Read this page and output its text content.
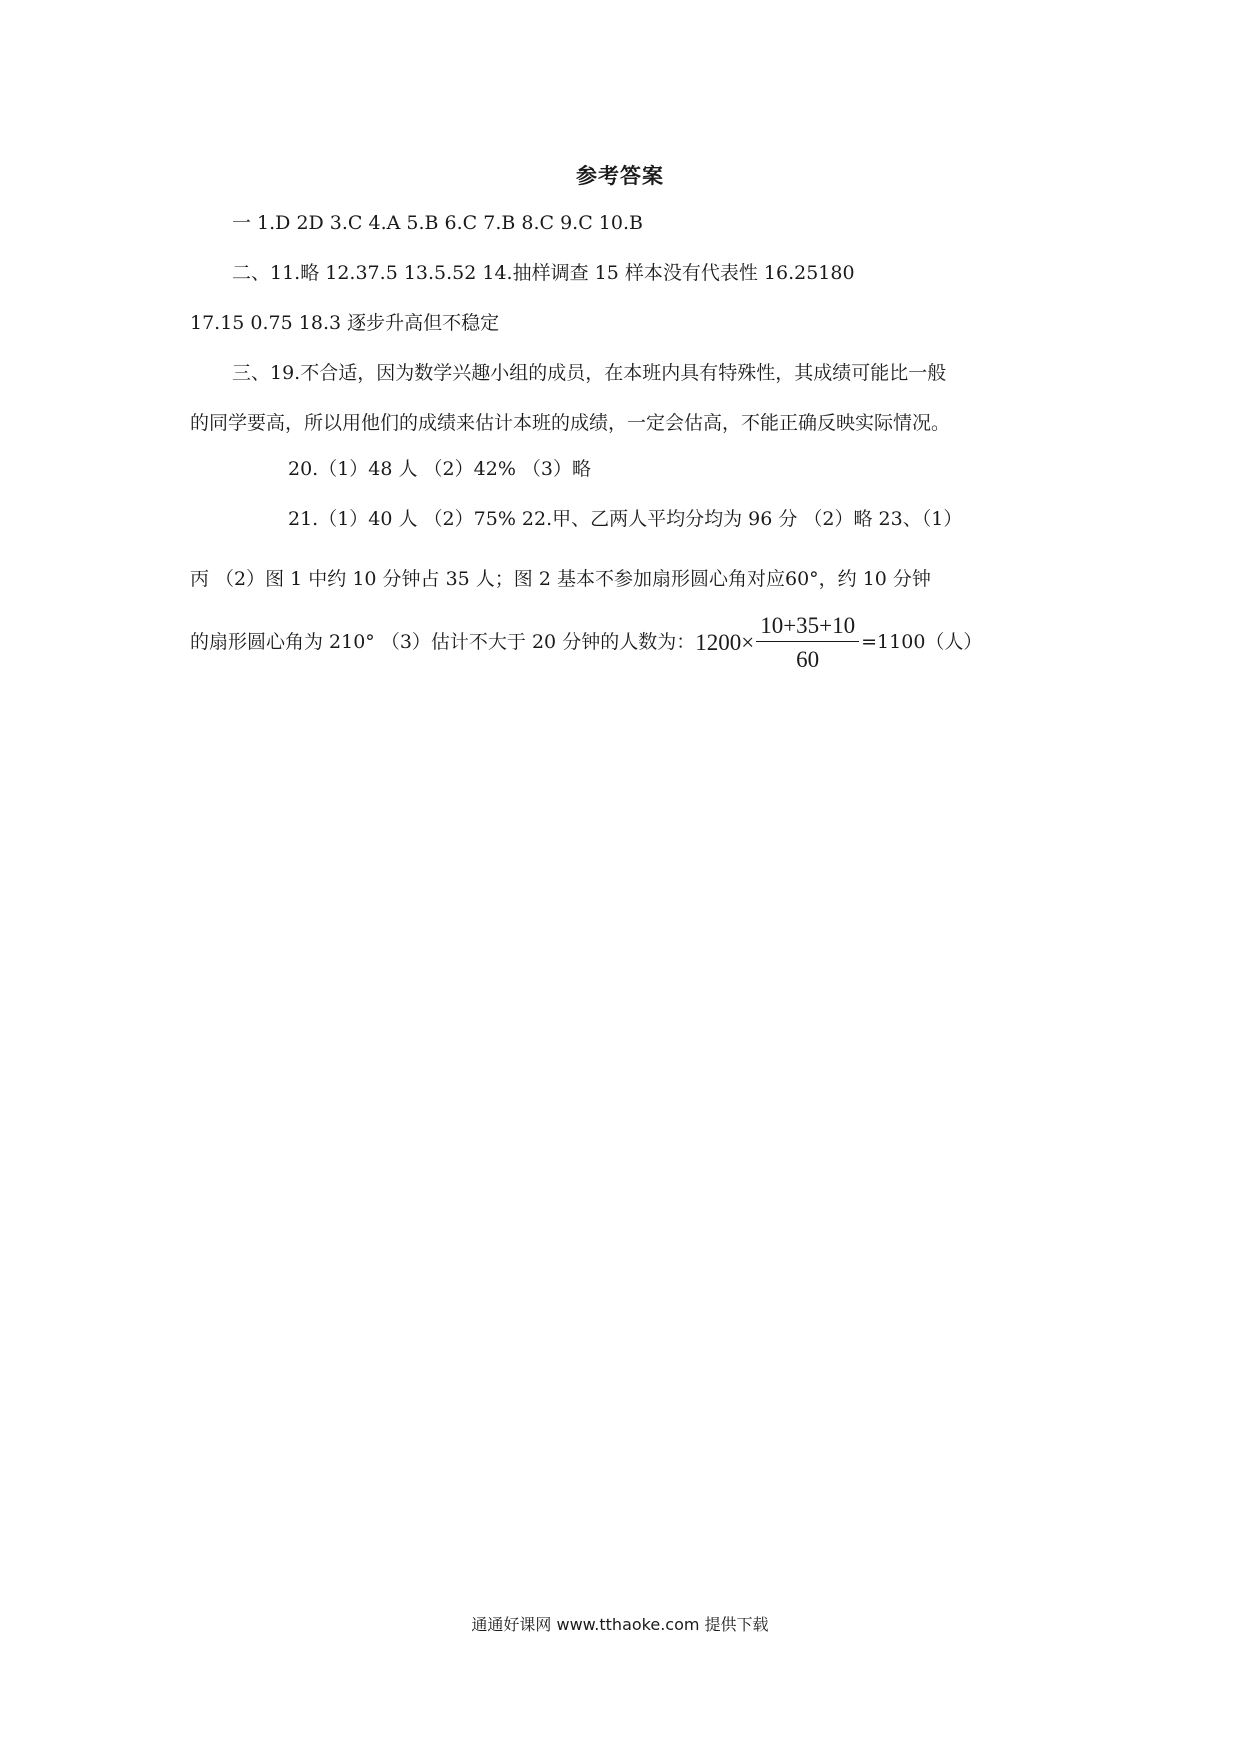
参考答案
一 1.D 2D 3.C 4.A 5.B 6.C 7.B 8.C 9.C 10.B
二、11.略 12.37.5 13.5.52 14.抽样调查 15 样本没有代表性 16.25180
17.15 0.75 18.3 逐步升高但不稳定
三、19.不合适，因为数学兴趣小组的成员，在本班内具有特殊性，其成绩可能比一般
的同学要高，所以用他们的成绩来估计本班的成绩，一定会估高，不能正确反映实际情况。
20.（1）48 人 （2）42% （3）略
21.（1）40 人 （2）75% 22.甲、乙两人平均分均为 96 分 （2）略 23、（1）
丙 （2）图 1 中约 10 分钟占 35 人；图 2 基本不参加扇形圆心角对应60°，约 10 分钟
的扇形圆心角为 210° （3）估计不大于 20 分钟的人数为：$1200\times \frac{10+35+10}{60} =1100$（人）
通通好课网 www.tthaoke.com 提供下载
